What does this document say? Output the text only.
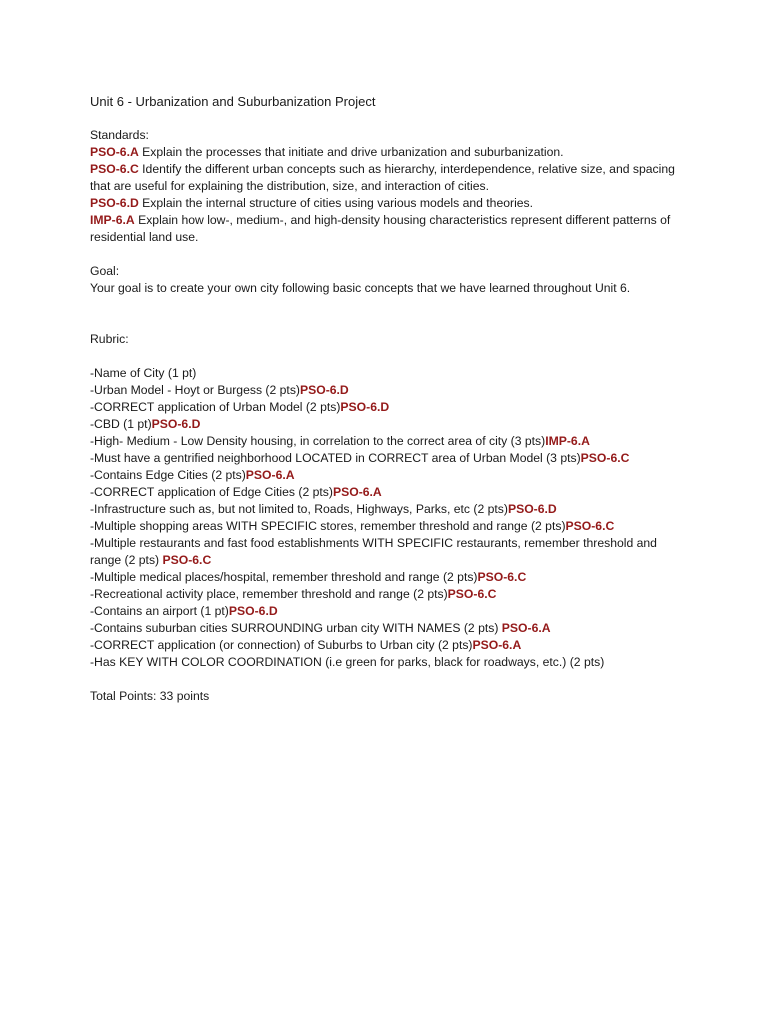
Unit 6 - Urbanization and Suburbanization Project
Standards:
PSO-6.A Explain the processes that initiate and drive urbanization and suburbanization.
PSO-6.C Identify the different urban concepts such as hierarchy, interdependence, relative size, and spacing that are useful for explaining the distribution, size, and interaction of cities.
PSO-6.D Explain the internal structure of cities using various models and theories.
IMP-6.A Explain how low-, medium-, and high-density housing characteristics represent different patterns of residential land use.
Goal:
Your goal is to create your own city following basic concepts that we have learned throughout Unit 6.
Rubric:
-Name of City (1 pt)
-Urban Model - Hoyt or Burgess (2 pts)PSO-6.D
-CORRECT application of Urban Model (2 pts)PSO-6.D
-CBD (1 pt)PSO-6.D
-High- Medium - Low Density housing, in correlation to the correct area of city (3 pts)IMP-6.A
-Must have a gentrified neighborhood LOCATED in CORRECT area of Urban Model (3 pts)PSO-6.C
-Contains Edge Cities (2 pts)PSO-6.A
-CORRECT application of Edge Cities (2 pts)PSO-6.A
-Infrastructure such as, but not limited to, Roads, Highways, Parks, etc (2 pts)PSO-6.D
-Multiple shopping areas WITH SPECIFIC stores, remember threshold and range (2 pts)PSO-6.C
-Multiple restaurants and fast food establishments WITH SPECIFIC restaurants, remember threshold and range (2 pts) PSO-6.C
-Multiple medical places/hospital, remember threshold and range (2 pts)PSO-6.C
-Recreational activity place, remember threshold and range (2 pts)PSO-6.C
-Contains an airport (1 pt)PSO-6.D
-Contains suburban cities SURROUNDING urban city WITH NAMES (2 pts) PSO-6.A
-CORRECT application (or connection) of Suburbs to Urban city (2 pts)PSO-6.A
-Has KEY WITH COLOR COORDINATION (i.e green for parks, black for roadways, etc.) (2 pts)
Total Points: 33 points
